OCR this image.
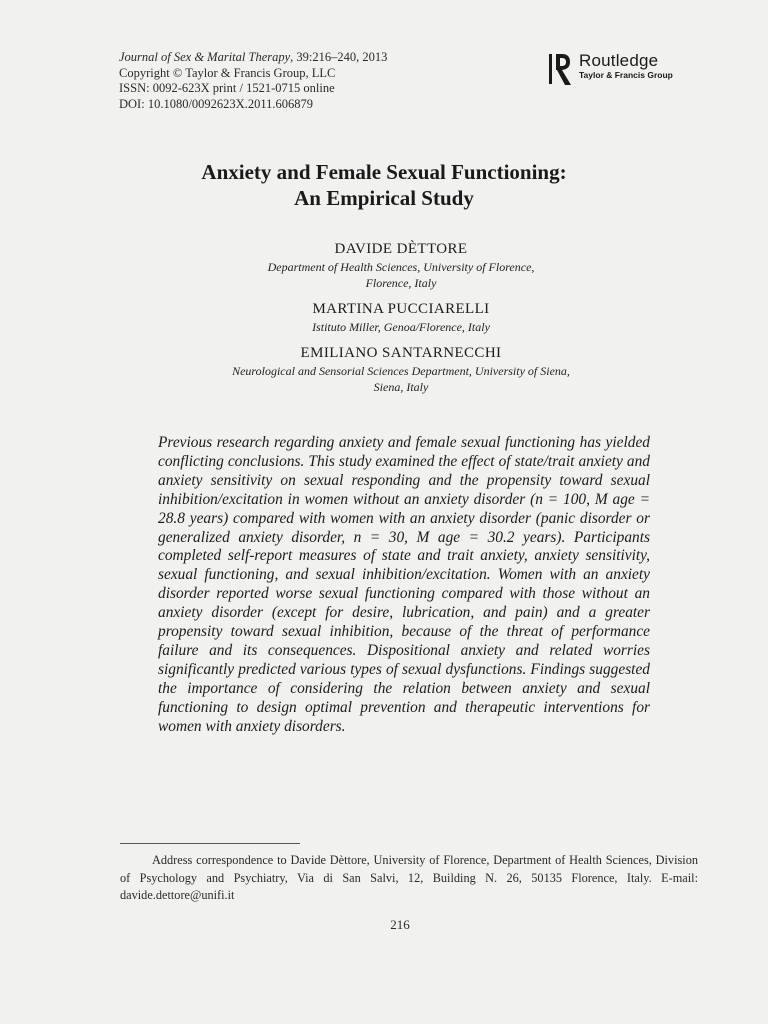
Journal of Sex & Marital Therapy, 39:216–240, 2013
Copyright © Taylor & Francis Group, LLC
ISSN: 0092-623X print / 1521-0715 online
DOI: 10.1080/0092623X.2011.606879
Routledge
Taylor & Francis Group
Anxiety and Female Sexual Functioning:
An Empirical Study
DAVIDE DÈTTORE
Department of Health Sciences, University of Florence,
Florence, Italy
MARTINA PUCCIARELLI
Istituto Miller, Genoa/Florence, Italy
EMILIANO SANTARNECCHI
Neurological and Sensorial Sciences Department, University of Siena,
Siena, Italy
Previous research regarding anxiety and female sexual functioning has yielded conflicting conclusions. This study examined the effect of state/trait anxiety and anxiety sensitivity on sexual responding and the propensity toward sexual inhibition/excitation in women without an anxiety disorder (n = 100, M age = 28.8 years) compared with women with an anxiety disorder (panic disorder or generalized anxiety disorder, n = 30, M age = 30.2 years). Participants completed self-report measures of state and trait anxiety, anxiety sensitivity, sexual functioning, and sexual inhibition/excitation. Women with an anxiety disorder reported worse sexual functioning compared with those without an anxiety disorder (except for desire, lubrication, and pain) and a greater propensity toward sexual inhibition, because of the threat of performance failure and its consequences. Dispositional anxiety and related worries significantly predicted various types of sexual dysfunctions. Findings suggested the importance of considering the relation between anxiety and sexual functioning to design optimal prevention and therapeutic interventions for women with anxiety disorders.
Address correspondence to Davide Dèttore, University of Florence, Department of Health Sciences, Division of Psychology and Psychiatry, Via di San Salvi, 12, Building N. 26, 50135 Florence, Italy. E-mail: davide.dettore@unifi.it
216
